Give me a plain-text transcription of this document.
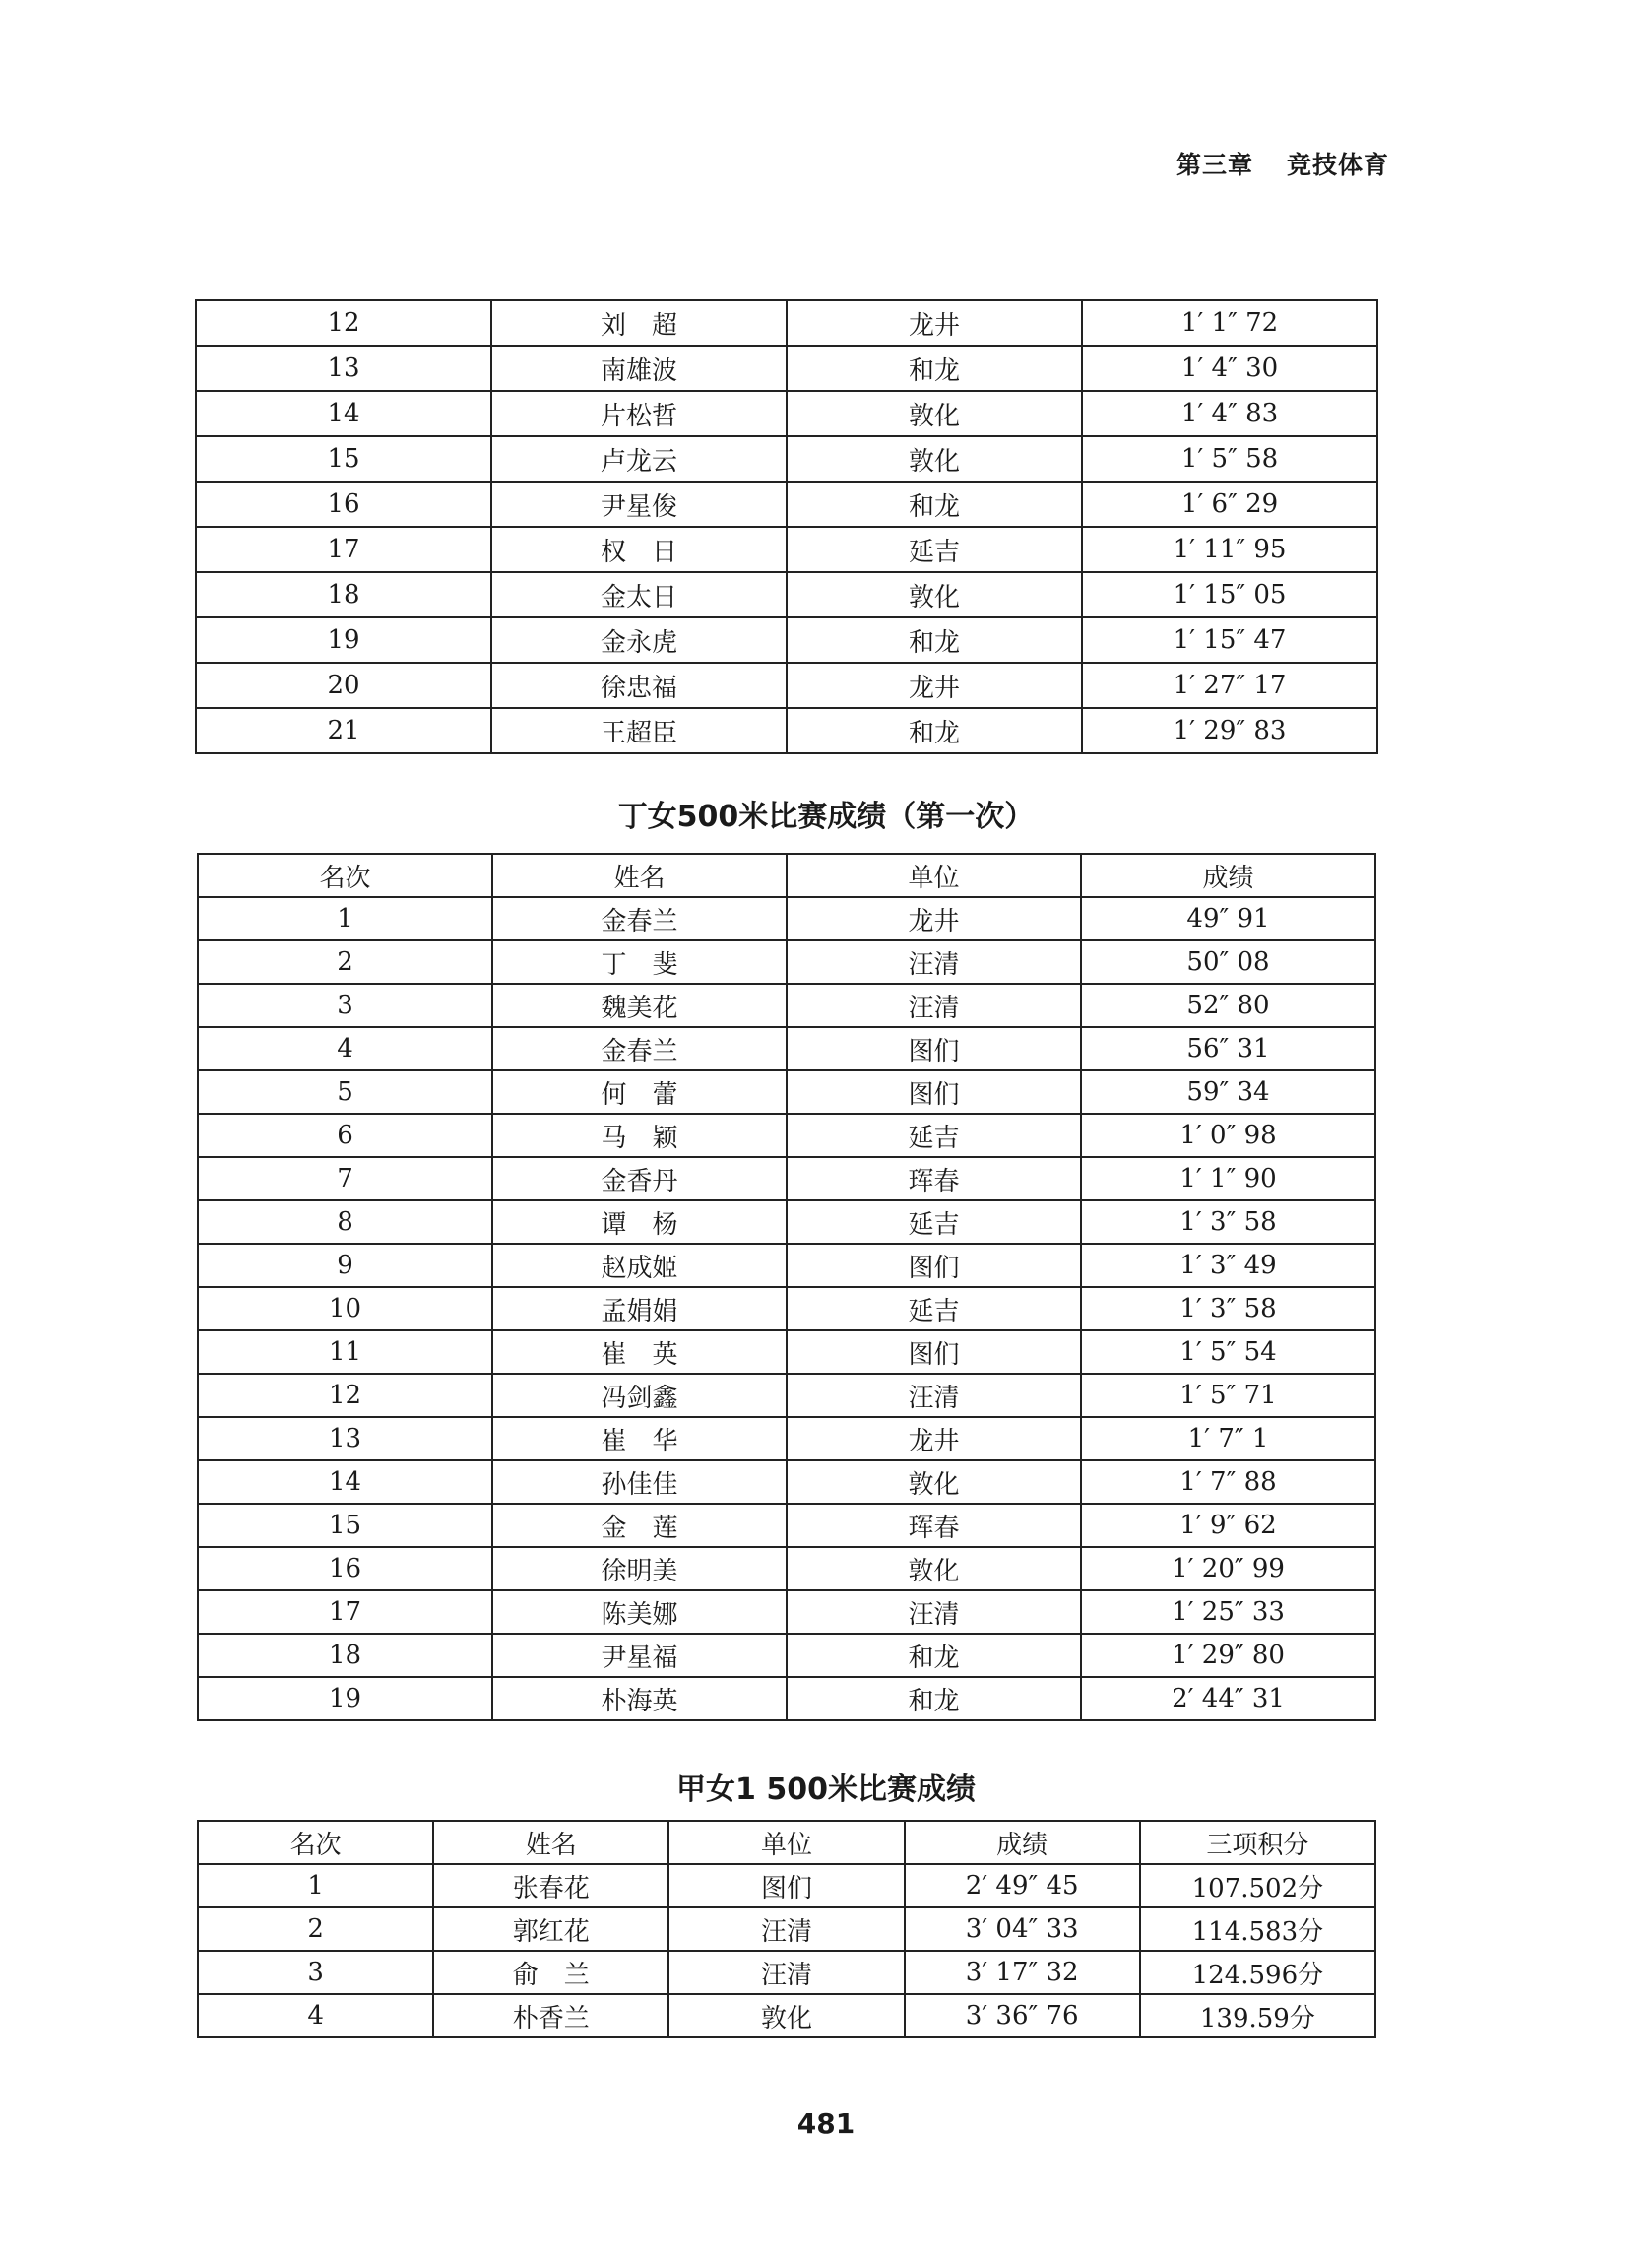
第三章 竞技体育
12	刘　超	龙井	1′ 1″ 72
13	南雄波	和龙	1′ 4″ 30
14	片松哲	敦化	1′ 4″ 83
15	卢龙云	敦化	1′ 5″ 58
16	尹星俊	和龙	1′ 6″ 29
17	权　日	延吉	1′ 11″ 95
18	金太日	敦化	1′ 15″ 05
19	金永虎	和龙	1′ 15″ 47
20	徐忠福	龙井	1′ 27″ 17
21	王超臣	和龙	1′ 29″ 83
丁女500米比赛成绩（第一次）
名次	姓名	单位	成绩
1	金春兰	龙井	49″ 91
2	丁　斐	汪清	50″ 08
3	魏美花	汪清	52″ 80
4	金春兰	图们	56″ 31
5	何　蕾	图们	59″ 34
6	马　颖	延吉	1′ 0″ 98
7	金香丹	珲春	1′ 1″ 90
8	谭　杨	延吉	1′ 3″ 58
9	赵成姬	图们	1′ 3″ 49
10	孟娟娟	延吉	1′ 3″ 58
11	崔　英	图们	1′ 5″ 54
12	冯剑鑫	汪清	1′ 5″ 71
13	崔　华	龙井	1′ 7″ 1
14	孙佳佳	敦化	1′ 7″ 88
15	金　莲	珲春	1′ 9″ 62
16	徐明美	敦化	1′ 20″ 99
17	陈美娜	汪清	1′ 25″ 33
18	尹星福	和龙	1′ 29″ 80
19	朴海英	和龙	2′ 44″ 31
甲女1 500米比赛成绩
名次	姓名	单位	成绩	三项积分
1	张春花	图们	2′ 49″ 45	107.502分
2	郭红花	汪清	3′ 04″ 33	114.583分
3	俞　兰	汪清	3′ 17″ 32	124.596分
4	朴香兰	敦化	3′ 36″ 76	139.59分
481
